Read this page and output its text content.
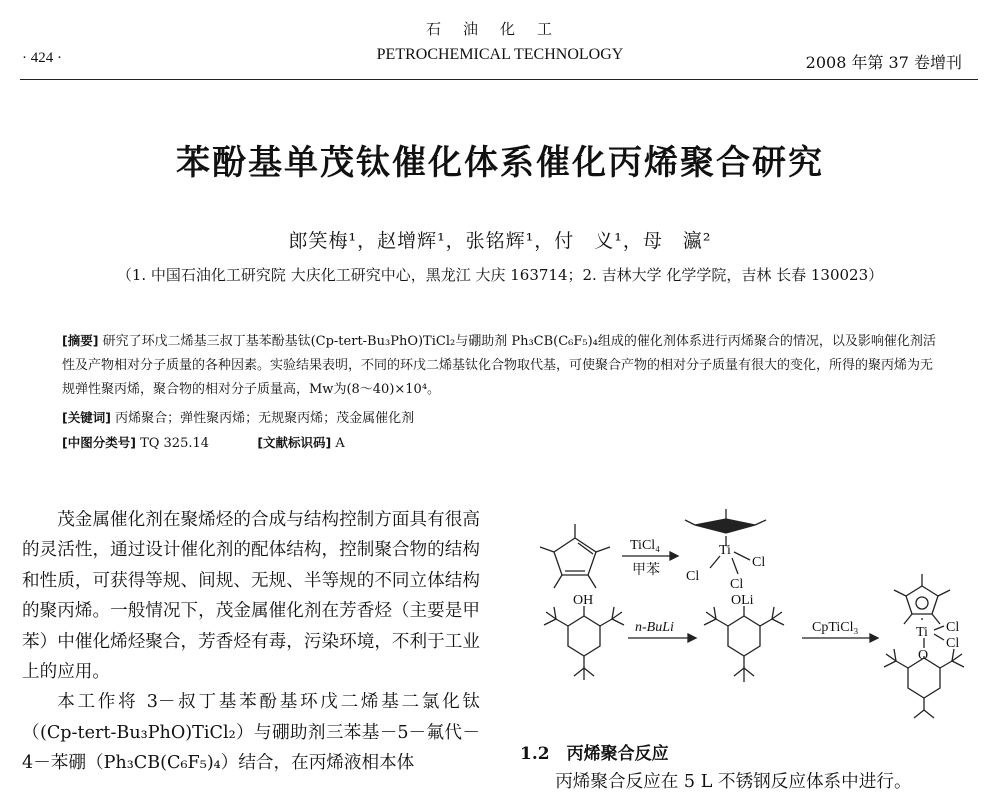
石油化工
PETROCHEMICAL TECHNOLOGY
· 424 ·	2008 年第 37 卷增刊
苯酚基单茂钛催化体系催化丙烯聚合研究
郎笑梅¹，赵增辉¹，张铭辉¹，付　义¹，母　瀛²
（1. 中国石油化工研究院 大庆化工研究中心，黑龙江 大庆 163714；2. 吉林大学 化学学院，吉林 长春 130023）
[摘要] 研究了环戊二烯基三叔丁基苯酚基钛(Cp-tert-Bu₃PhO)TiCl₂与硼助剂 Ph₃CB(C₆F₅)₄组成的催化剂体系进行丙烯聚合的情况，以及影响催化剂活性及产物相对分子质量的各种因素。实验结果表明，不同的环戊二烯基钛化合物取代基，可使聚合产物的相对分子质量有很大的变化，所得的聚丙烯为无规弹性聚丙烯，聚合物的相对分子质量高，Mw为(8～40)×10⁴。
[关键词] 丙烯聚合；弹性聚丙烯；无规聚丙烯；茂金属催化剂
[中图分类号] TQ 325.14	[文献标识码] A

茂金属催化剂在聚烯烃的合成与结构控制方面具有很高的灵活性，通过设计催化剂的配体结构，控制聚合物的结构和性质，可获得等规、间规、无规、半等规的不同立体结构的聚丙烯。一般情况下，茂金属催化剂在芳香烃（主要是甲苯）中催化烯烃聚合，芳香烃有毒，污染环境，不利于工业上的应用。

本工作将 3－叔丁基苯酚基环戊二烯基二氯化钛（(Cp-tert-Bu₃PhO)TiCl₂）与硼助剂三苯基－5－氟代－4－苯硼（Ph₃CB(C₆F₅)₄）结合，在丙烯液相本体

TiCl₄
甲苯
Ti
Cl
Cl
Cl
OH
n-BuLi
OLi
CpTiCl₃	Ti Cl
Cl
O
1.2　丙烯聚合反应
丙烯聚合反应在 5 L 不锈钢反应体系中进行。
